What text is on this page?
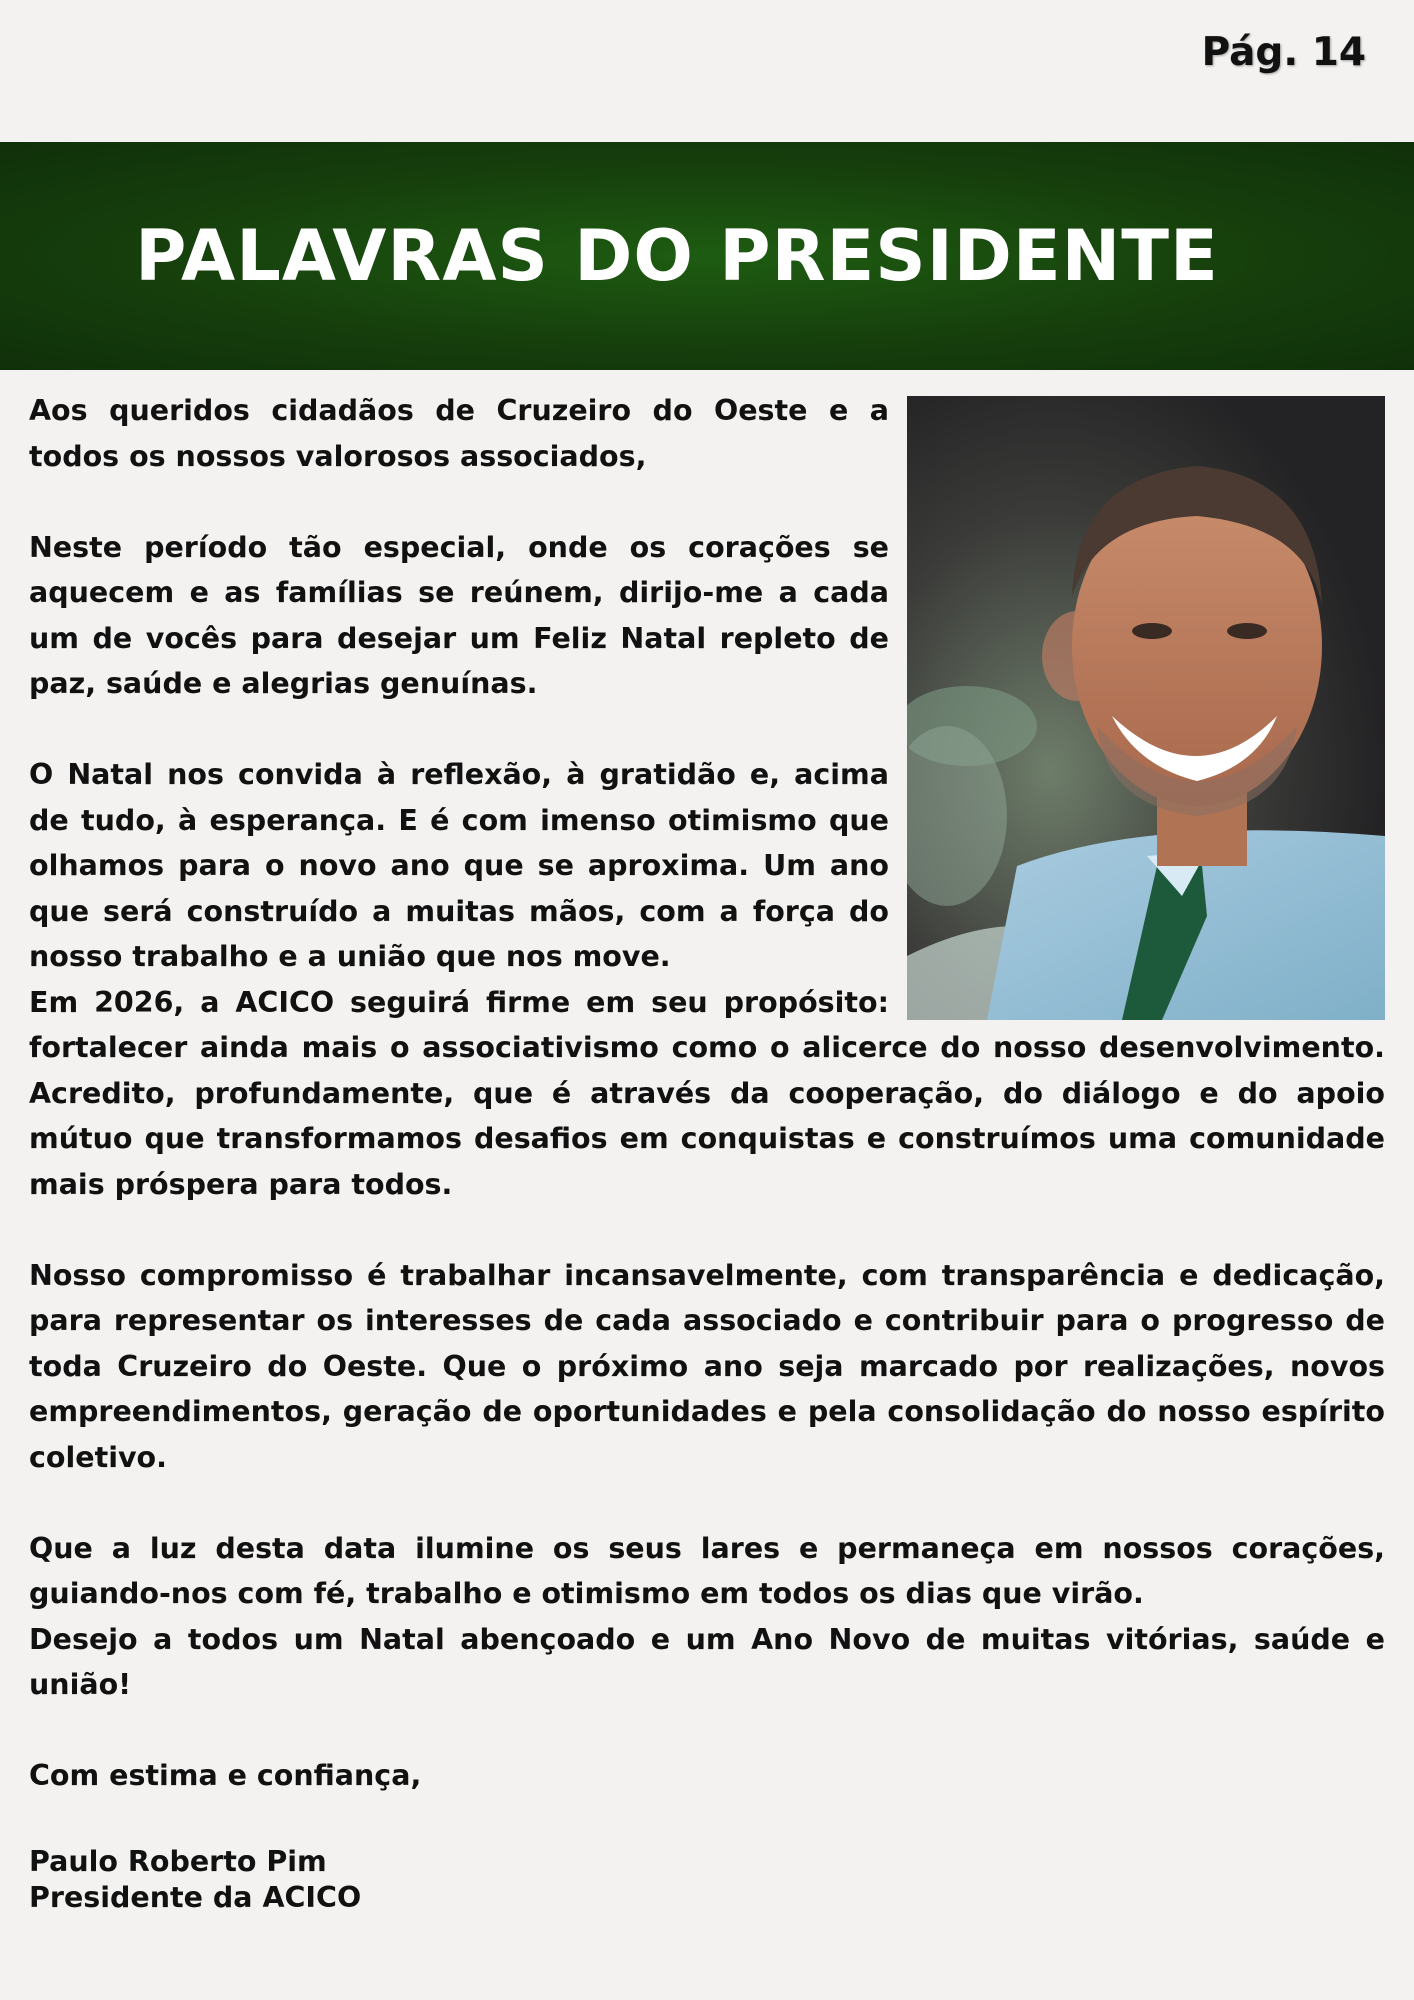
Pág. 14
PALAVRAS DO PRESIDENTE

Aos queridos cidadãos de Cruzeiro do Oeste e a todos os nossos valorosos associados,

Neste período tão especial, onde os corações se aquecem e as famílias se reúnem, dirijo-me a cada um de vocês para desejar um Feliz Natal repleto de paz, saúde e alegrias genuínas.

O Natal nos convida à reflexão, à gratidão e, acima de tudo, à esperança. E é com imenso otimismo que olhamos para o novo ano que se aproxima. Um ano que será construído a muitas mãos, com a força do nosso trabalho e a união que nos move.

Em 2026, a ACICO seguirá firme em seu propósito: fortalecer ainda mais o associativismo como o alicerce do nosso desenvolvimento. Acredito, profundamente, que é através da cooperação, do diálogo e do apoio mútuo que transformamos desafios em conquistas e construímos uma comunidade mais próspera para todos.

Nosso compromisso é trabalhar incansavelmente, com transparência e dedicação, para representar os interesses de cada associado e contribuir para o progresso de toda Cruzeiro do Oeste. Que o próximo ano seja marcado por realizações, novos empreendimentos, geração de oportunidades e pela consolidação do nosso espírito coletivo.

Que a luz desta data ilumine os seus lares e permaneça em nossos corações, guiando-nos com fé, trabalho e otimismo em todos os dias que virão.

Desejo a todos um Natal abençoado e um Ano Novo de muitas vitórias, saúde e união!

Com estima e confiança,

Paulo Roberto Pim

Presidente da ACICO
